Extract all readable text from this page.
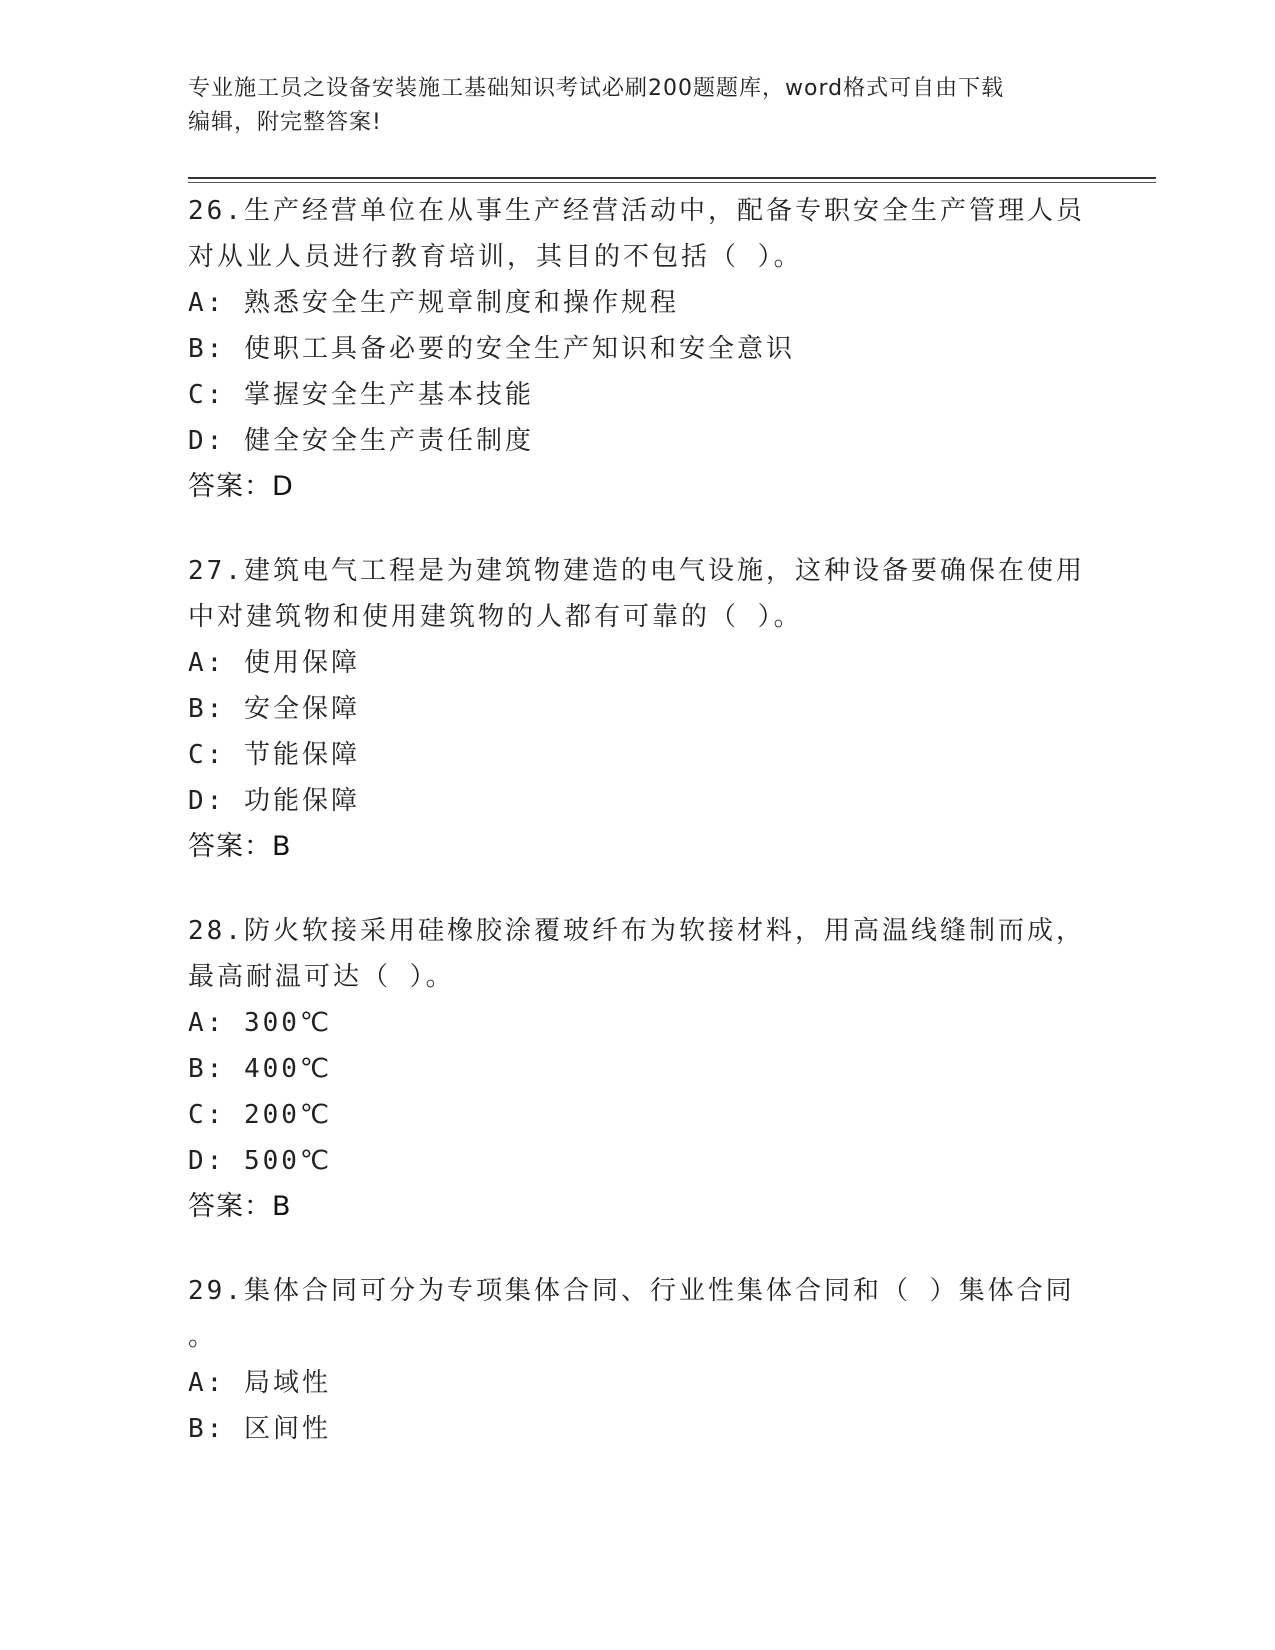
专业施工员之设备安装施工基础知识考试必刷200题题库，word格式可自由下载
编辑，附完整答案!
26.生产经营单位在从事生产经营活动中，配备专职安全生产管理人员
对从业人员进行教育培训，其目的不包括（ ）。
A: 熟悉安全生产规章制度和操作规程
B: 使职工具备必要的安全生产知识和安全意识
C: 掌握安全生产基本技能
D: 健全安全生产责任制度
答案：D
27.建筑电气工程是为建筑物建造的电气设施，这种设备要确保在使用
中对建筑物和使用建筑物的人都有可靠的（ ）。
A: 使用保障
B: 安全保障
C: 节能保障
D: 功能保障
答案：B
28.防火软接采用硅橡胶涂覆玻纤布为软接材料，用高温线缝制而成，
最高耐温可达（ ）。
A: 300℃
B: 400℃
C: 200℃
D: 500℃
答案：B
29.集体合同可分为专项集体合同、行业性集体合同和（ ）集体合同
。
A: 局域性
B: 区间性
